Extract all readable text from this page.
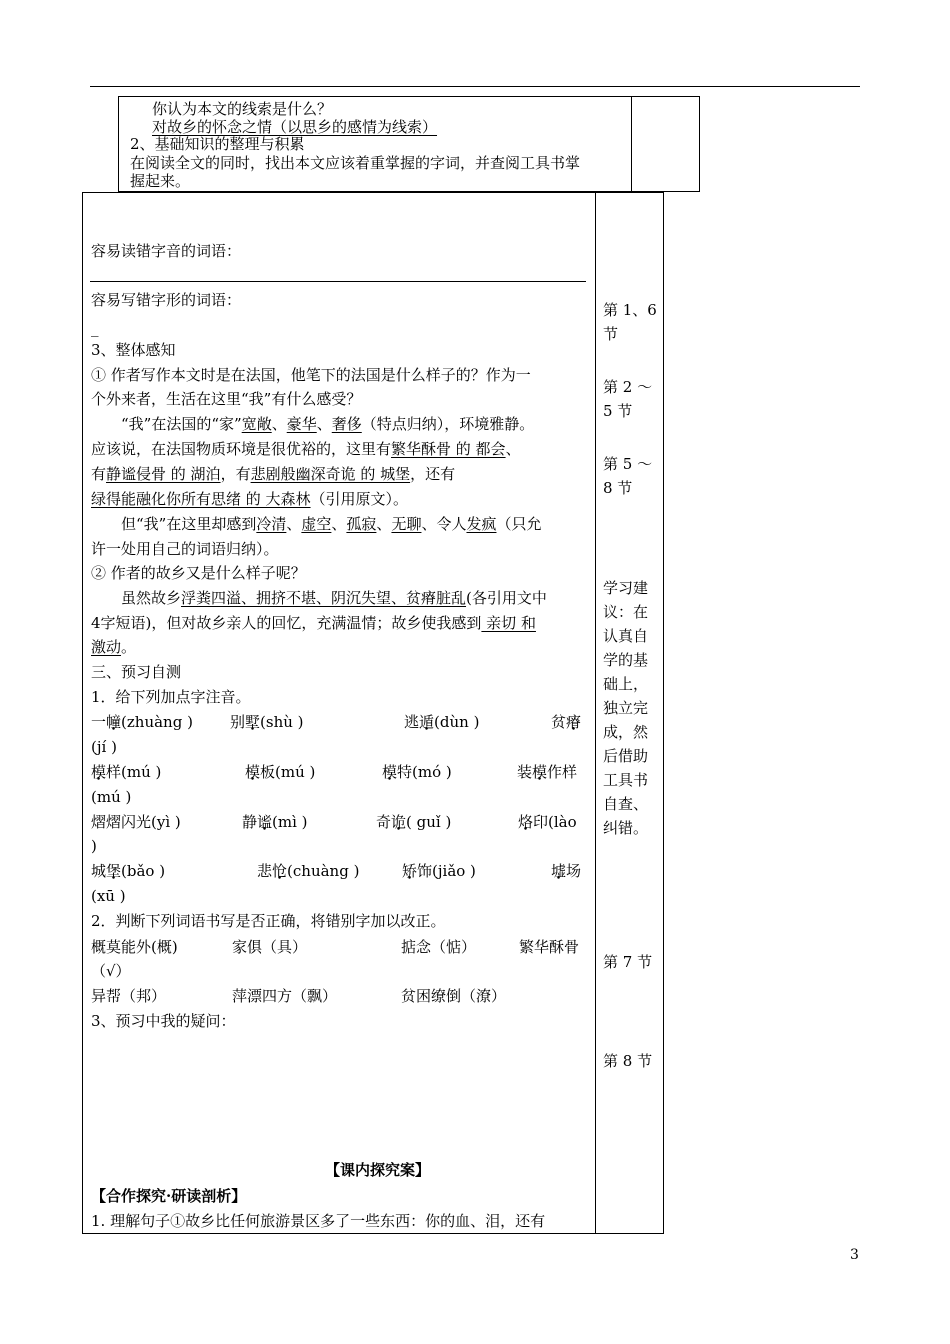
你认为本文的线索是什么？
对故乡的怀念之情（以思乡的感情为线索）
2、基础知识的整理与积累
在阅读全文的同时，找出本文应该着重掌握的字词，并查阅工具书掌
握起来。
容易读错字音的词语：
容易写错字形的词语：
_
3、整体感知
① 作者写作本文时是在法国，他笔下的法国是什么样子的？作为一
个外来者，生活在这里“我”有什么感受？
“我”在法国的“家”宽敞、豪华、奢侈（特点归纳），环境雅静。
应该说，在法国物质环境是很优裕的，这里有繁华酥骨 的 都会、
有静谧侵骨 的 湖泊，有悲剧般幽深奇诡 的 城堡，还有
绿得能融化你所有思绪 的 大森林（引用原文）。
但“我”在这里却感到冷清、虚空、孤寂、无聊、令人发疯（只允
许一处用自己的词语归纳）。
② 作者的故乡又是什么样子呢？
虽然故乡浮粪四溢、拥挤不堪、阴沉失望、贫瘠脏乱(各引用文中
4字短语)，但对故乡亲人的回忆，充满温情；故乡使我感到 亲切 和
激动。
三、预习自测
1．给下列加点字注音。
一幢(zhuàng ) 别墅(shù )	逃遁(dùn )	贫瘠
(jí )
模样(mú )	模板(mú )	模特(mó )	装模作样
(mú )
熠熠闪光(yì )	静谧(mì )	奇诡( guǐ )	烙印(lào
)
城堡(bǎo )	悲怆(chuàng )	矫饰(jiǎo )	墟场
(xū )
2．判断下列词语书写是否正确，将错别字加以改正。
概莫能外(概)	家俱（具）	掂念（惦）	繁华酥骨
（√）
异帮（邦）	萍漂四方（飘）	贫困缭倒（潦）
3、预习中我的疑问：
【课内探究案】
【合作探究·研读剖析】
1. 理解句子①故乡比任何旅游景区多了一些东西：你的血、泪，还有
第 1、6
节
第 2 ～
5 节
第 5 ～
8 节
学习建
议：在
认真自
学的基
础上，
独立完
成，然
后借助
工具书
自查、
纠错。
第 7 节
第 8 节
3
